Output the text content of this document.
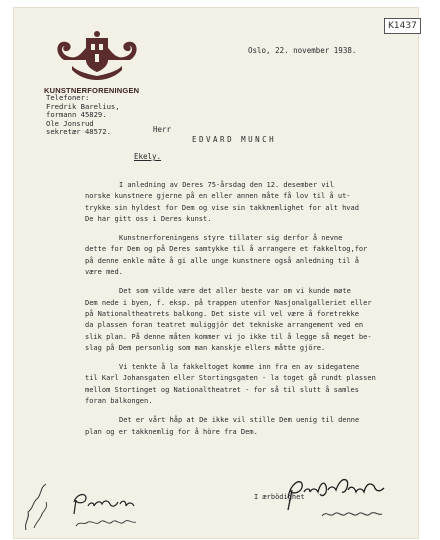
K1437
KUNSTNERFORENINGEN
Telefoner:
Fredrik Barelius,
formann 45829.
Ole Jonsrud
sekretær 48572.
Oslo, 22. november 1938.
Herr
EDVARD MUNCH
Ekely.

I anledning av Deres 75-årsdag den 12. desember vil
norske kunstnere gjerne på en eller annen måte få lov til å ut-
trykke sin hyldest for Dem og vise sin takknemlighet for alt hvad
De har gitt oss i Deres kunst.

Kunstnerforeningens styre tillater sig derfor å nevne
dette for Dem og på Deres samtykke til å arrangere et fakkeltog,for
på denne enkle måte å gi alle unge kunstnere også anledning til å
være med.

Det som vilde være det aller beste var om vi kunde møte
Dem nede i byen, f. eksp. på trappen utenfor Nasjonalgalleriet eller
på Nationaltheatrets balkong. Det siste vil vel være å foretrekke
da plassen foran teatret muliggjör det tekniske arrangement ved en
slik plan. På denne måten kommer vi jo ikke til å legge så meget be-
slag på Dem personlig som man kanskje ellers måtte gjöre.

Vi tenkte å la fakkeltoget komme inn fra en av sidegatene
til Karl Johansgaten eller Stortingsgaten - la toget gå rundt plassen
mellom Stortinget og Nationaltheatret - for så til slutt å samles
foran balkongen.

Det er vårt håp at De ikke vil stille Dem uenig til denne
plan og er takknemlig for å höre fra Dem.

I ærbödighet
